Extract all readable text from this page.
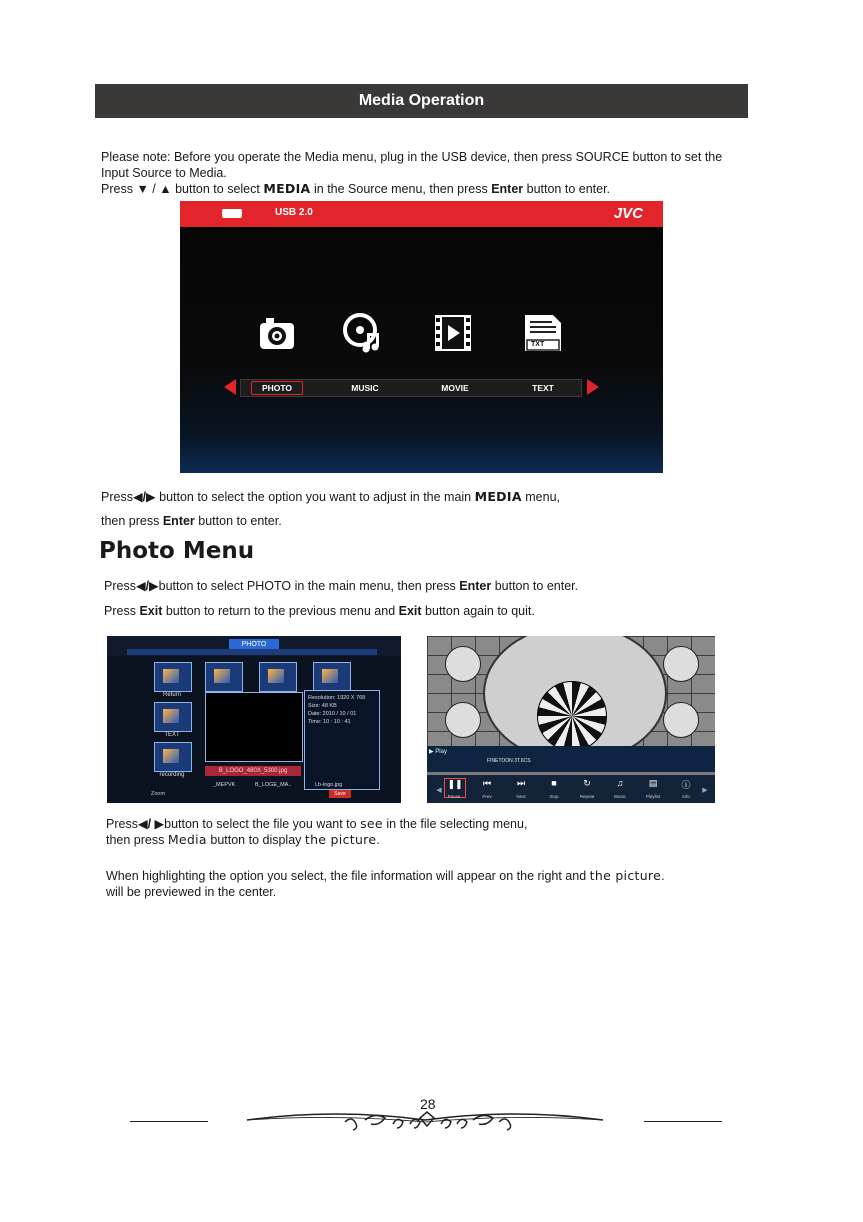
Media Operation
Please note: Before you operate the Media menu, plug in the USB device, then press SOURCE button to set the
Input Source to Media.
Press ▼ / ▲ button to select MEDIA in the Source menu, then press Enter button to enter.
USB 2.0	JVC
TXT
PHOTO	MUSIC	MOVIE	TEXT
Press◀/▶ button to select the option you want to adjust in the main MEDIA menu,
then press Enter button to enter.
Photo Menu
Press◀/▶button to select PHOTO in the main menu, then press Enter button to enter.
Press Exit button to return to the previous menu and Exit button again to quit.
PHOTO
Return
TEXT
recording
B_LOGO_480X_5300.jpg
Resolution: 1920 X 768
Size: 48 KB
Date: 2010 / 10 / 01
Time: 10 : 10 : 41
_MEPVK	B_LOGE_MA..	Lb-logo.jpg
Zoom	Save
▶ Play
FINETOON 3T.6CS
❚❚	⏮	⏭	■	↻	♫	▤	ⓘ
Pause	Prev	Next	Stop	Repeat	Music	Playlist	Info
◀	▶
Press◀/ ▶button to select the file you want to see in the file selecting menu,
then press Media button to display the picture.
When highlighting the option you select, the file information will appear on the right and the picture.
will be previewed in the center.
28
